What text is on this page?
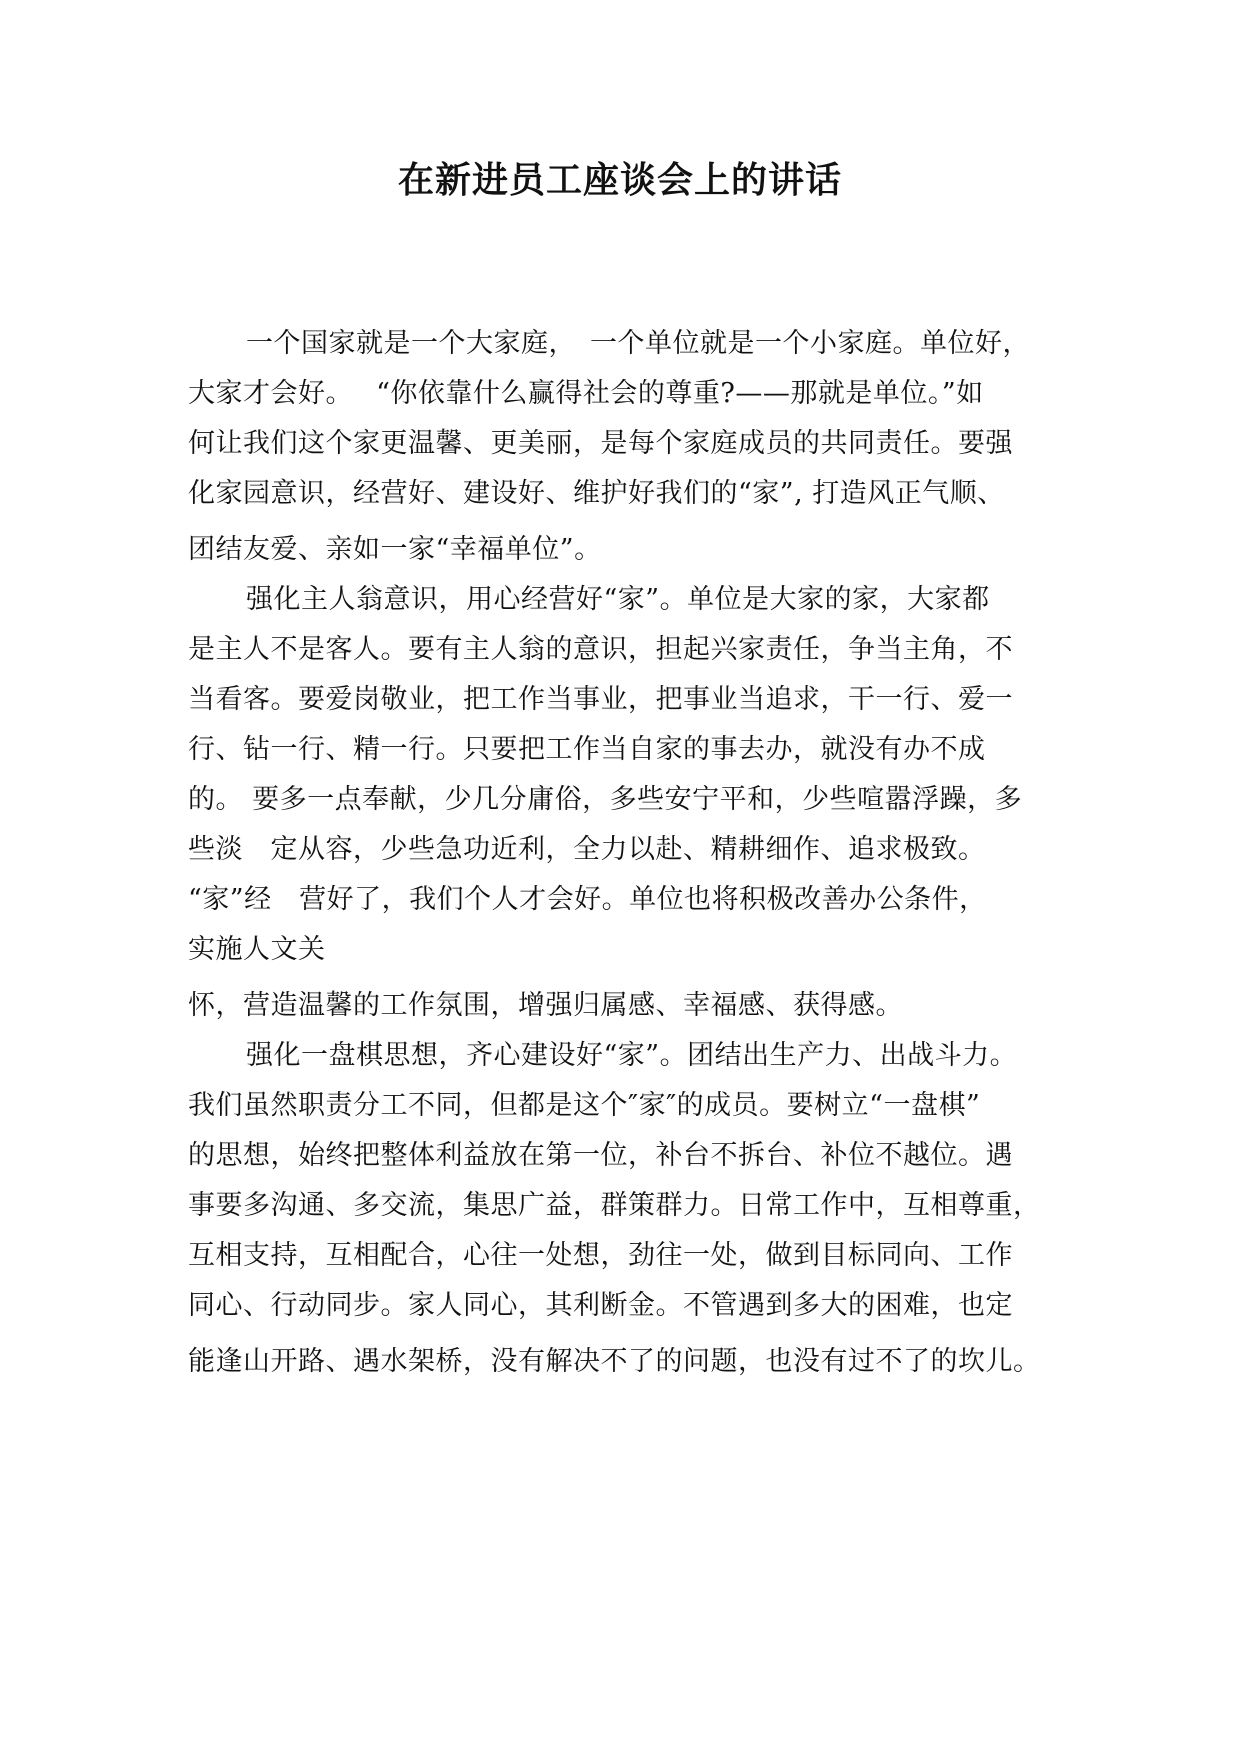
在新进员工座谈会上的讲话
一个国家就是一个大家庭，　一个单位就是一个小家庭。单位好，
大家才会好。　 “你依靠什么赢得社会的尊重?——那就是单位。”如
何让我们这个家更温馨、更美丽，是每个家庭成员的共同责任。要强
化家园意识，经营好、建设好、维护好我们的“家”, 打造风正气顺、
团结友爱、亲如一家“幸福单位”。
强化主人翁意识，用心经营好“家”。单位是大家的家，大家都
是主人不是客人。要有主人翁的意识，担起兴家责任，争当主角，不
当看客。要爱岗敬业，把工作当事业，把事业当追求，干一行、爱一
行、钻一行、精一行。只要把工作当自家的事去办，就没有办不成
的。 要多一点奉献，少几分庸俗，多些安宁平和，少些喧嚣浮躁，多
些淡　定从容，少些急功近利，全力以赴、精耕细作、追求极致。
“家”经　营好了，我们个人才会好。单位也将积极改善办公条件，
实施人文关
怀，营造温馨的工作氛围，增强归属感、幸福感、获得感。
强化一盘棋思想，齐心建设好“家”。团结出生产力、出战斗力。
我们虽然职责分工不同，但都是这个″家″的成员。要树立“一盘棋”
的思想，始终把整体利益放在第一位，补台不拆台、补位不越位。遇
事要多沟通、多交流，集思广益，群策群力。日常工作中，互相尊重，
互相支持，互相配合，心往一处想，劲往一处，做到目标同向、工作
同心、行动同步。家人同心，其利断金。不管遇到多大的困难，也定
能逢山开路、遇水架桥，没有解决不了的问题，也没有过不了的坎儿。
